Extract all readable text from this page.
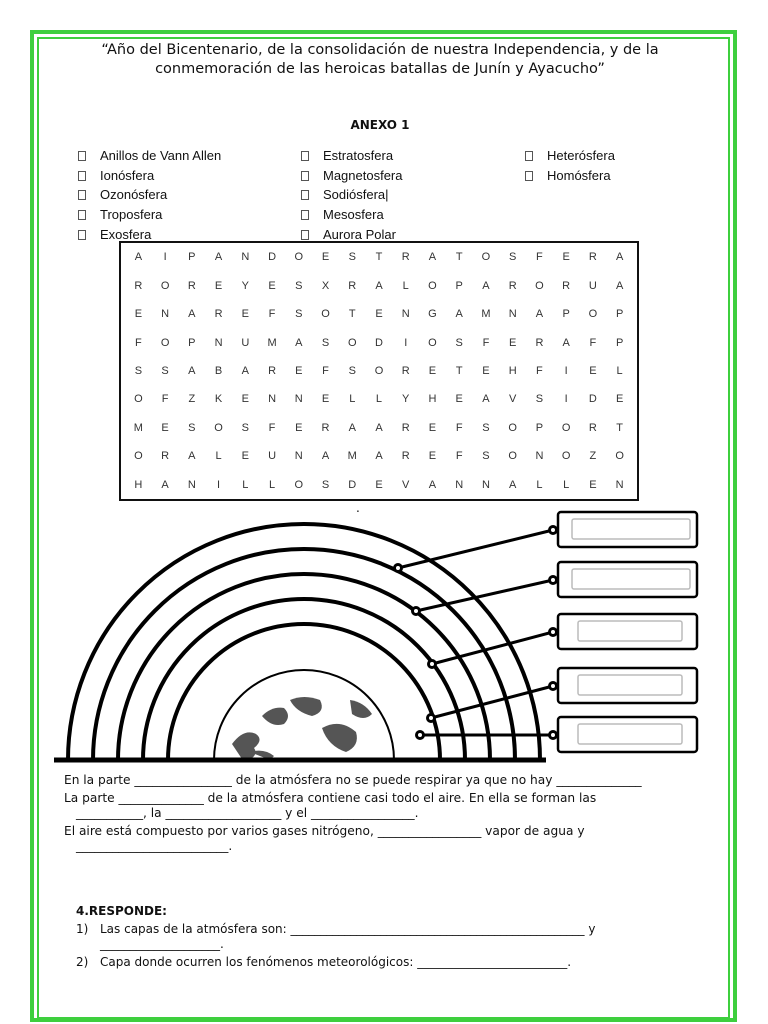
“Año del Bicentenario, de la consolidación de nuestra Independencia, y de la
conmemoración de las heroicas batallas de Junín y Ayacucho”
ANEXO 1
Anillos de Vann Allen
Ionósfera
Ozonósfera
Troposfera
Exosfera
Estratosfera
Magnetosfera
Sodiósfera|
Mesosfera
Aurora Polar
Heterósfera
Homósfera
A	I	P	A	N	D	O	E	S	T	R	A	T	O	S	F	E	R	A
R	O	R	E	Y	E	S	X	R	A	L	O	P	A	R	O	R	U	A
E	N	A	R	E	F	S	O	T	E	N	G	A	M	N	A	P	O	P
F	O	P	N	U	M	A	S	O	D	I	O	S	F	E	R	A	F	P
S	S	A	B	A	R	E	F	S	O	R	E	T	E	H	F	I	E	L
O	F	Z	K	E	N	N	E	L	L	Y	H	E	A	V	S	I	D	E
M	E	S	O	S	F	E	R	A	A	R	E	F	S	O	P	O	R	T
O	R	A	L	E	U	N	A	M	A	R	E	F	S	O	N	O	Z	O
H	A	N	I	L	L	O	S	D	E	V	A	N	N	A	L	L	E	N
.
En la parte ________________ de la atmósfera no se puede respirar ya que no hay ______________
La parte ______________ de la atmósfera contiene casi todo el aire. En ella se forman las
___________, la ___________________ y el _________________.
El aire está compuesto por varios gases nitrógeno, _________________ vapor de agua y
_________________________.
4.RESPONDE:
1) Las capas de la atmósfera son: _________________________________________________ y
____________________.
2) Capa donde ocurren los fenómenos meteorológicos: _________________________.
